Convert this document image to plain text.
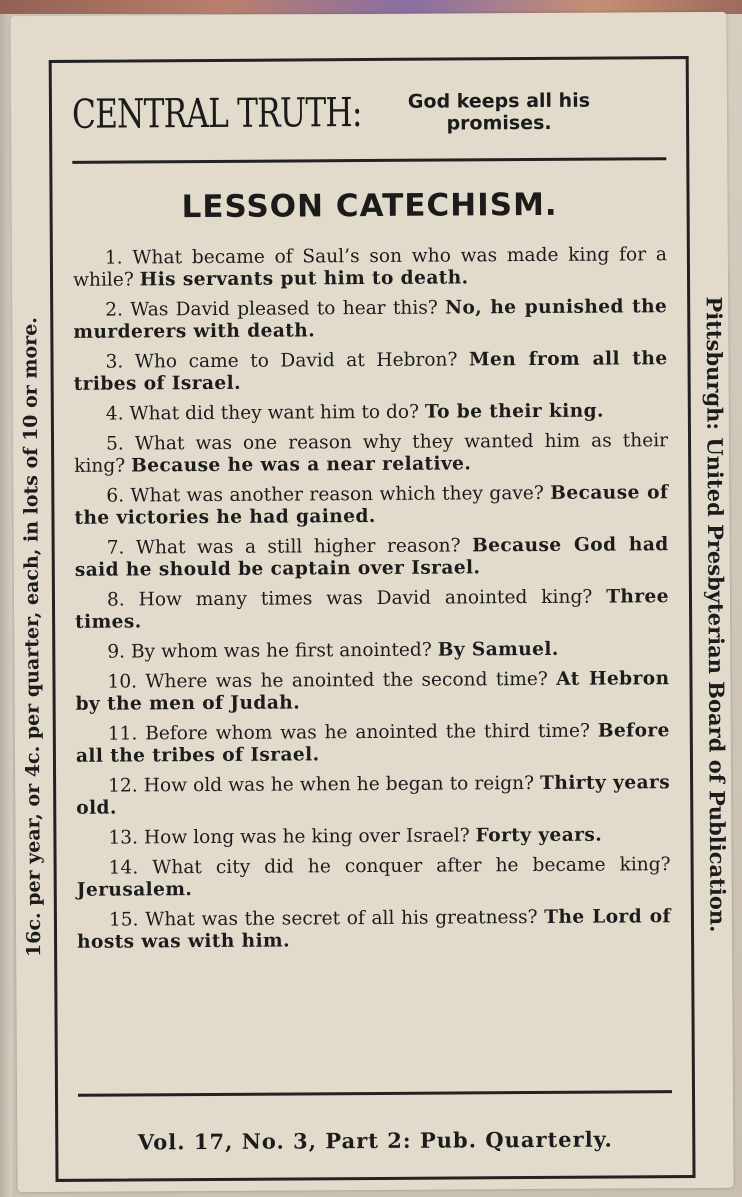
16c. per year, or 4c. per quarter, each, in lots of 10 or more.	Pittsburgh: United Presbyterian Board of Publication.
CENTRAL TRUTH:	God keeps all his promises.
LESSON CATECHISM.
1. What became of Saul’s son who was made king for a while? His servants put him to death.
2. Was David pleased to hear this? No, he punished the murderers with death.
3. Who came to David at Hebron? Men from all the tribes of Israel.
4. What did they want him to do? To be their king.
5. What was one reason why they wanted him as their king? Because he was a near relative.
6. What was another reason which they gave? Because of the victories he had gained.
7. What was a still higher reason? Because God had said he should be captain over Israel.
8. How many times was David anointed king? Three times.
9. By whom was he first anointed? By Samuel.
10. Where was he anointed the second time? At Hebron by the men of Judah.
11. Before whom was he anointed the third time? Before all the tribes of Israel.
12. How old was he when he began to reign? Thirty years old.
13. How long was he king over Israel? Forty years.
14. What city did he conquer after he became king? Jerusalem.
15. What was the secret of all his greatness? The Lord of hosts was with him.
Vol. 17, No. 3, Part 2: Pub. Quarterly.
